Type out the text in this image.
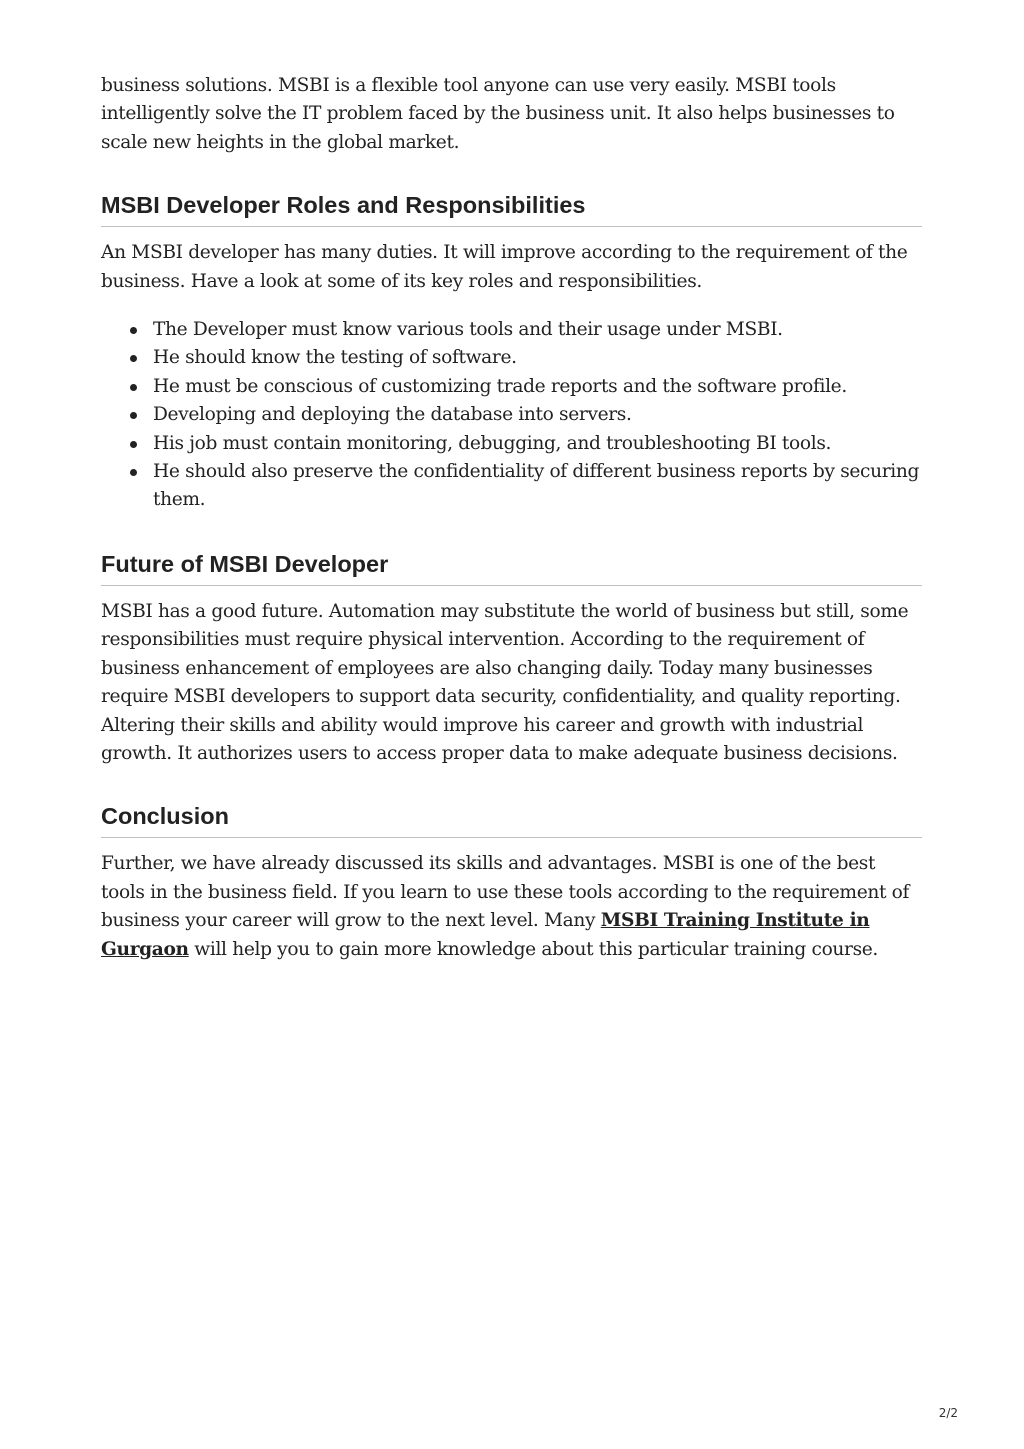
business solutions. MSBI is a flexible tool anyone can use very easily. MSBI tools intelligently solve the IT problem faced by the business unit. It also helps businesses to scale new heights in the global market.

MSBI Developer Roles and Responsibilities

An MSBI developer has many duties. It will improve according to the requirement of the business. Have a look at some of its key roles and responsibilities.

The Developer must know various tools and their usage under MSBI.
He should know the testing of software.
He must be conscious of customizing trade reports and the software profile.
Developing and deploying the database into servers.
His job must contain monitoring, debugging, and troubleshooting BI tools.
He should also preserve the confidentiality of different business reports by securing them.
Future of MSBI Developer

MSBI has a good future. Automation may substitute the world of business but still, some responsibilities must require physical intervention. According to the requirement of business enhancement of employees are also changing daily. Today many businesses require MSBI developers to support data security, confidentiality, and quality reporting. Altering their skills and ability would improve his career and growth with industrial growth. It authorizes users to access proper data to make adequate business decisions.

Conclusion

Further, we have already discussed its skills and advantages. MSBI is one of the best tools in the business field. If you learn to use these tools according to the requirement of business your career will grow to the next level. Many MSBI Training Institute in Gurgaon will help you to gain more knowledge about this particular training course.

2/2
